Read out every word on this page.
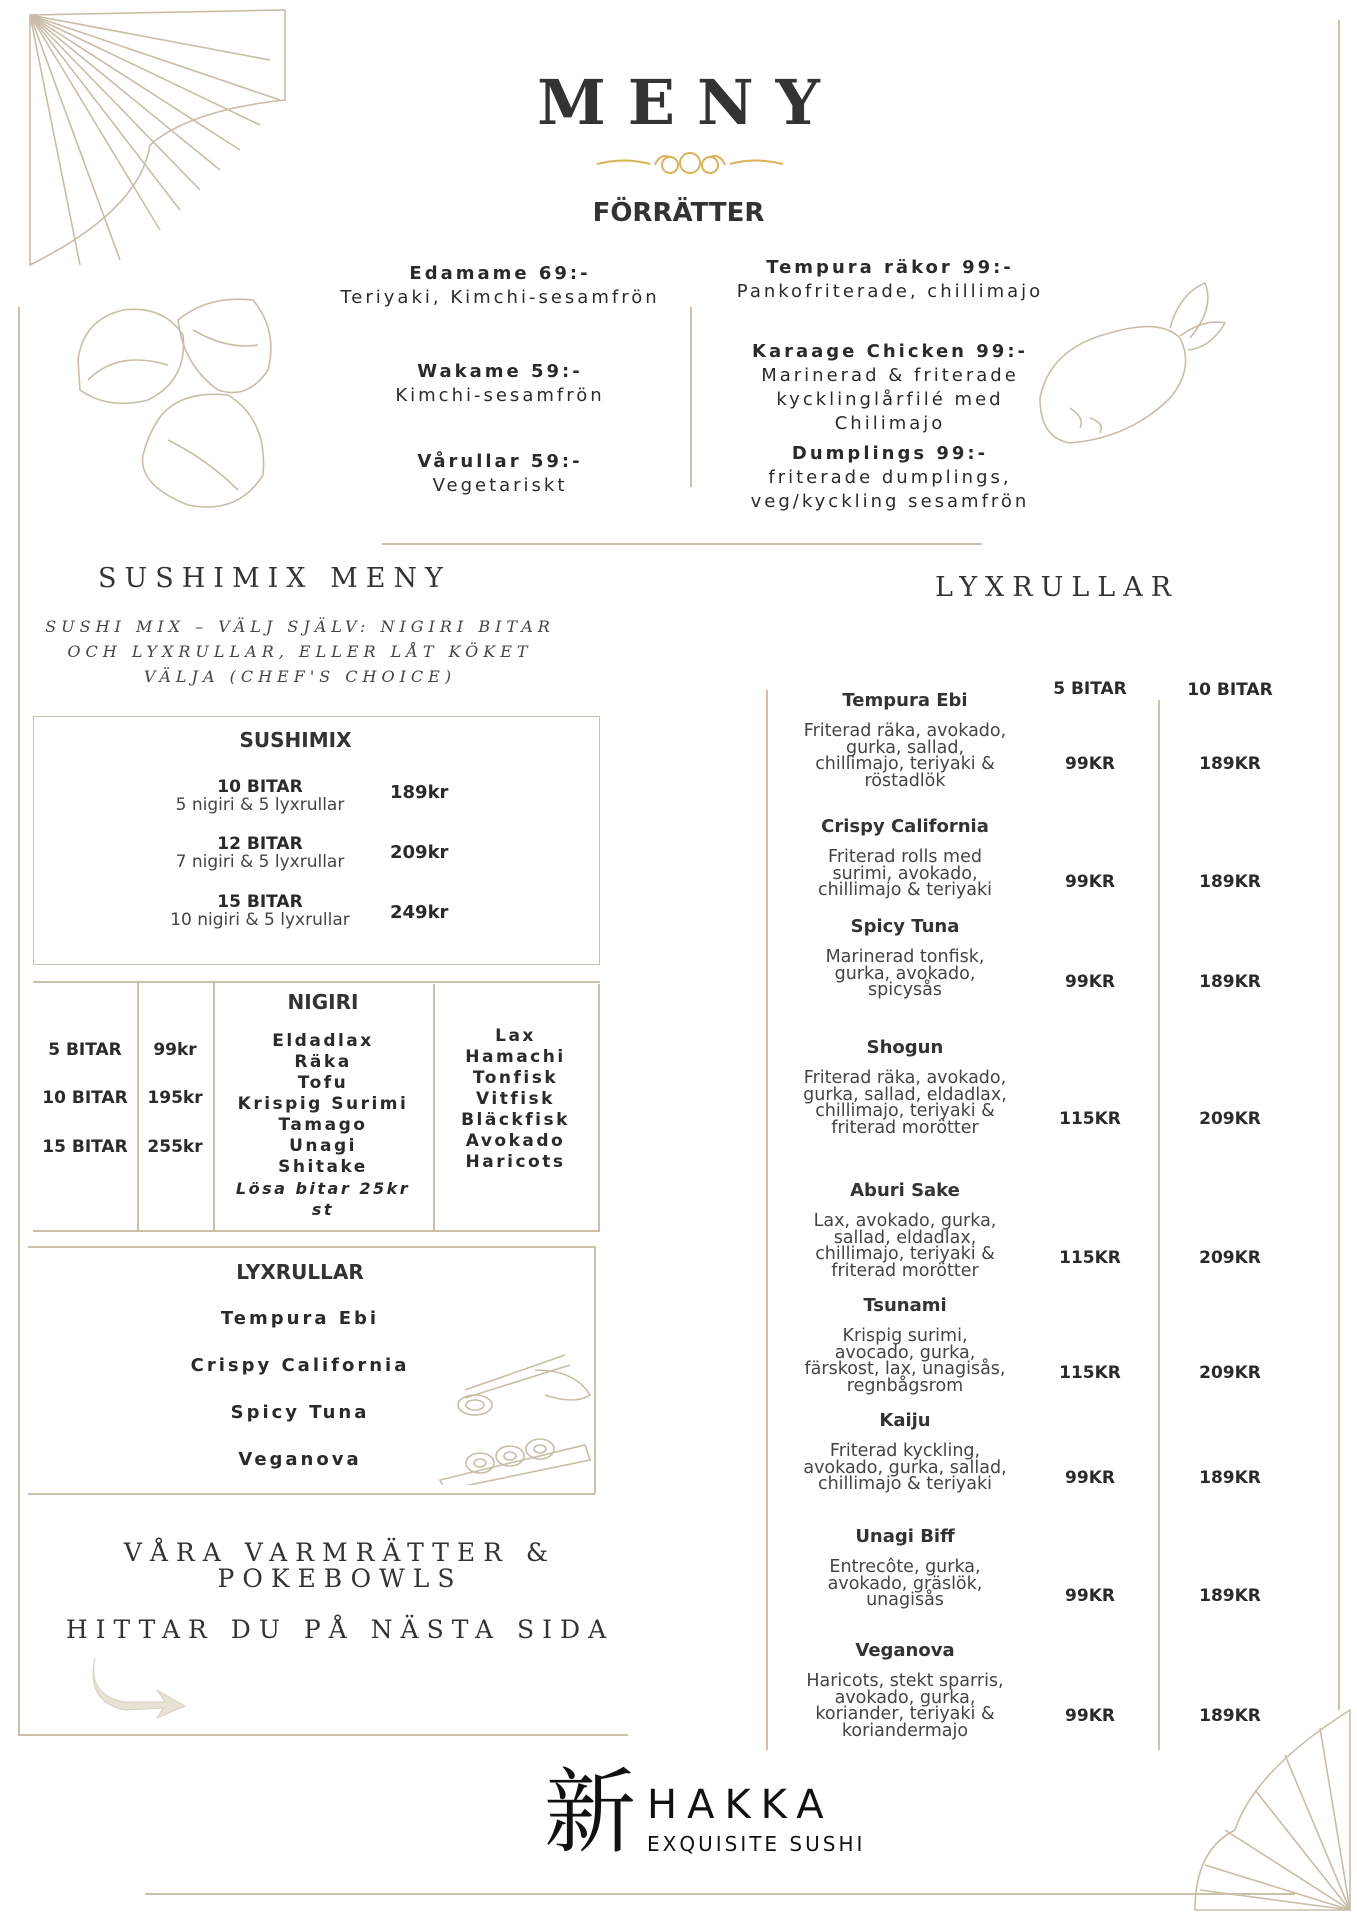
MENY
FÖRRÄTTER
Edamame 69:-
Teriyaki, Kimchi-sesamfrön
Wakame 59:-
Kimchi-sesamfrön
Vårullar 59:-
Vegetariskt
Tempura räkor 99:-
Pankofriterade, chillimajo
Karaage Chicken 99:-
Marinerad & friterade
kycklinglårfilé med
Chilimajo
Dumplings 99:-
friterade dumplings,
veg/kyckling sesamfrön
SUSHIMIX MENY
SUSHI MIX – VÄLJ SJÄLV: NIGIRI BITAR
OCH LYXRULLAR, ELLER LÅT KÖKET
VÄLJA (CHEF'S CHOICE)
SUSHIMIX
10 BITAR
5 nigiri & 5 lyxrullar
189kr
12 BITAR
7 nigiri & 5 lyxrullar	209kr
15 BITAR
10 nigiri & 5 lyxrullar	249kr
NIGIRI
5 BITAR	99kr
10 BITAR	195kr
15 BITAR	255kr
Eldadlax
Räka
Tofu
Krispig Surimi
Tamago
Unagi
Shitake
Lösa bitar 25kr
st
Lax
Hamachi
Tonfisk
Vitfisk
Bläckfisk
Avokado
Haricots
LYXRULLAR
Tempura Ebi
Crispy California
Spicy Tuna
Veganova
VÅRA VARMRÄTTER &
POKEBOWLS
HITTAR DU PÅ NÄSTA SIDA
LYXRULLAR
5 BITAR	10 BITAR
Tempura Ebi
Friterad räka, avokado,
gurka, sallad,
chillimajo, teriyaki &
röstadlök
99KR	189KR
Crispy California
Friterad rolls med
surimi, avokado,
chillimajo & teriyaki	99KR	189KR
Spicy Tuna
Marinerad tonfisk,
gurka, avokado,
spicysås	99KR	189KR
Shogun
Friterad räka, avokado,
gurka, sallad, eldadlax,
chillimajo, teriyaki &
friterad morötter	115KR	209KR
Aburi Sake
Lax, avokado, gurka,
sallad, eldadlax,
chillimajo, teriyaki &
friterad morötter
115KR	209KR
Tsunami
Krispig surimi,
avocado, gurka,
färskost, lax, unagisås,
regnbågsrom
115KR	209KR
Kaiju
Friterad kyckling,
avokado, gurka, sallad,
chillimajo & teriyaki	99KR	189KR
Unagi Biff
Entrecôte, gurka,
avokado, gräslök,
unagisås	99KR	189KR
Veganova
Haricots, stekt sparris,
avokado, gurka,
koriander, teriyaki &
koriandermajo
99KR	189KR
新 HAKKA
EXQUISITE SUSHI
